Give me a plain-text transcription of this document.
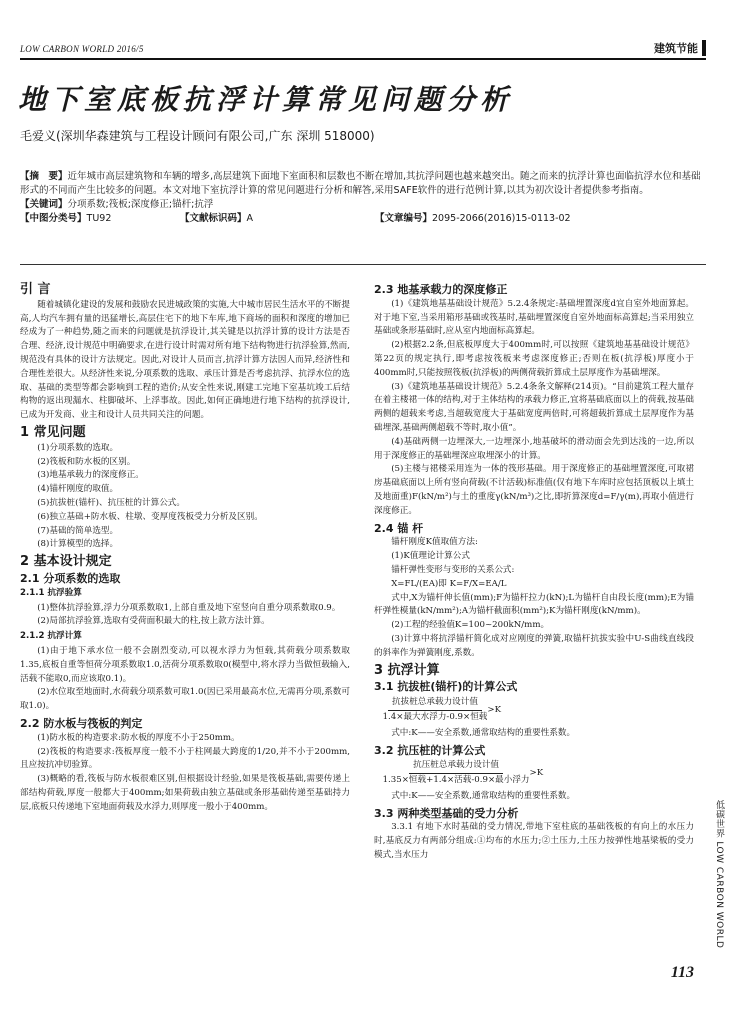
LOW CARBON WORLD 2016/5	建筑节能
地下室底板抗浮计算常见问题分析
毛爱义(深圳华森建筑与工程设计顾问有限公司,广东 深圳 518000)
【摘　要】近年城市高层建筑物和车辆的增多,高层建筑下面地下室面积和层数也不断在增加,其抗浮问题也越来越突出。随之而来的抗浮计算也面临抗浮水位和基础形式的不同而产生比较多的问题。本文对地下室抗浮计算的常见问题进行分析和解答,采用SAFE软件的进行范例计算,以其为初次设计者提供参考指南。
【关键词】分项系数;筏板;深度修正;锚杆;抗浮
【中图分类号】TU92	【文献标识码】A	【文章编号】2095-2066(2016)15-0113-02
引 言

随着城镇化建设的发展和鼓励农民进城政策的实施,大中城市居民生活水平的不断提高,人均汽车拥有量的迅猛增长,高层住宅下的地下车库,地下商场的面积和深度的增加已经成为了一种趋势,随之而来的问题就是抗浮设计,其关键是以抗浮计算的设计方法是否合理、经济,设计规范中明确要求,在进行设计时需对所有地下结构物进行抗浮验算,然而,规范没有具体的设计方法规定。因此,对设计人员而言,抗浮计算方法因人而异,经济性和合理性差很大。从经济性来说,分项系数的选取、承压计算是否考虑抗浮、抗浮水位的选取、基础的类型等都会影响到工程的造价;从安全性来说,刚建工完地下室基坑竣工后结构物的返出现漏水、柱脚破坏、上浮事故。因此,如何正确地进行地下结构的抗浮设计,已成为开发商、业主和设计人员共同关注的问题。

1 常见问题
(1)分项系数的选取。
(2)筏板和防水板的区别。
(3)地基承载力的深度修正。
(4)锚杆刚度的取值。
(5)抗拔桩(锚杆)、抗压桩的计算公式。
(6)独立基础+防水板、柱墩、变厚度筏板受力分析及区别。
(7)基础的简单选型。
(8)计算模型的选择。
2 基本设计规定
2.1 分项系数的选取
2.1.1 抗浮验算

(1)整体抗浮验算,浮力分项系数取1,上部自重及地下室竖向自重分项系数取0.9。

(2)局部抗浮验算,选取有受荷面积最大的柱,按上款方法计算。

2.1.2 抗浮计算

(1)由于地下承水位一般不会剧烈变动,可以视水浮力为恒载,其荷载分项系数取1.35,底板自重等恒荷分项系数取1.0,活荷分项系数取0(模型中,将水浮力当做恒载输入,活载不能取0,而应该取0.1)。

(2)水位取至地面时,水荷载分项系数可取1.0(因已采用最高水位,无需再分项,系数可取1.0)。

2.2 防水板与筏板的判定

(1)防水板的构造要求:防水板的厚度不小于250mm。

(2)筏板的构造要求:筏板厚度一般不小于柱网最大跨度的1/20,并不小于200mm,且应按抗冲切验算。

(3)概略的看,筏板与防水板很难区别,但根据设计经验,如果是筏板基础,需要传递上部结构荷载,厚度一般都大于400mm;如果荷载由独立基础或条形基础传递至基础持力层,底板只传递地下室地面荷载及水浮力,则厚度一般小于400mm。

2.3 地基承载力的深度修正

(1)《建筑地基基础设计规范》5.2.4条规定:基础埋置深度d宜自室外地面算起。对于地下室,当采用箱形基础或筏基时,基础埋置深度自室外地面标高算起;当采用独立基础或条形基础时,应从室内地面标高算起。

(2)根据2.2条,但底板厚度大于400mm时,可以按照《建筑地基基础设计规范》第22页的规定执行,即考虑按筏板来考虑深度修正;否则在板(抗浮板)厚度小于400mm时,只能按照筏板(抗浮板)的两侧荷载折算成土层厚度作为基础埋深。

(3)《建筑地基基础设计规范》5.2.4条条文解释(214页)。“目前建筑工程大量存在着主楼裙一体的结构,对于主体结构的承载力修正,宜将基础底面以上的荷载,按基础两侧的超载来考虑,当超载宽度大于基础宽度两倍时,可将超载折算成土层厚度作为基础埋深,基础两侧超载不等时,取小值”。

(4)基础两侧一边埋深大,一边埋深小,地基破坏的滑动面会先到达浅的一边,所以用于深度修正的基础埋深应取埋深小的计算。

(5)主楼与裙楼采用连为一体的筏形基础。用于深度修正的基础埋置深度,可取裙房基础底面以上所有竖向荷载(不计活载)标准值(仅有地下车库时应包括顶板以上填土及地面重)F(kN/m²)与土的重度γ(kN/m³)之比,即折算深度d=F/γ(m),再取小值进行深度修正。

2.4 锚 杆

锚杆刚度K值取值方法:

(1)K值理论计算公式

锚杆弹性变形与变形的关系公式:

X=FL/(EA)即 K=F/X=EA/L

式中,X为锚杆伸长值(mm);F为锚杆拉力(kN);L为锚杆自由段长度(mm);E为锚杆弹性模量(kN/mm²);A为锚杆截面积(mm²);K为锚杆刚度(kN/mm)。

(2)工程的经验值K=100~200kN/mm。

(3)计算中将抗浮锚杆简化成对应刚度的弹簧,取锚杆抗拔实验中U-S曲线直线段的斜率作为弹簧刚度,系数。

3 抗浮计算
3.1 抗拔桩(锚杆)的计算公式
抗拔桩总承载力设计值
1.4×最大水浮力-0.9×恒载
>K

式中:K——安全系数,通常取结构的重要性系数。

3.2 抗压桩的计算公式
抗压桩总承载力设计值
1.35×恒载+1.4×活载-0.9×最小浮力
>K

式中:K——安全系数,通常取结构的重要性系数。

3.3 两种类型基础的受力分析

3.3.1 有地下水时基础的受力情况,带地下室柱底的基础筏板的有向上的水压力时,基底反力有两部分组成:①均布的水压力;②土压力,土压力按弹性地基梁板的受力模式,当水压力	低碳世界 LOW CARBON WORLD
113
